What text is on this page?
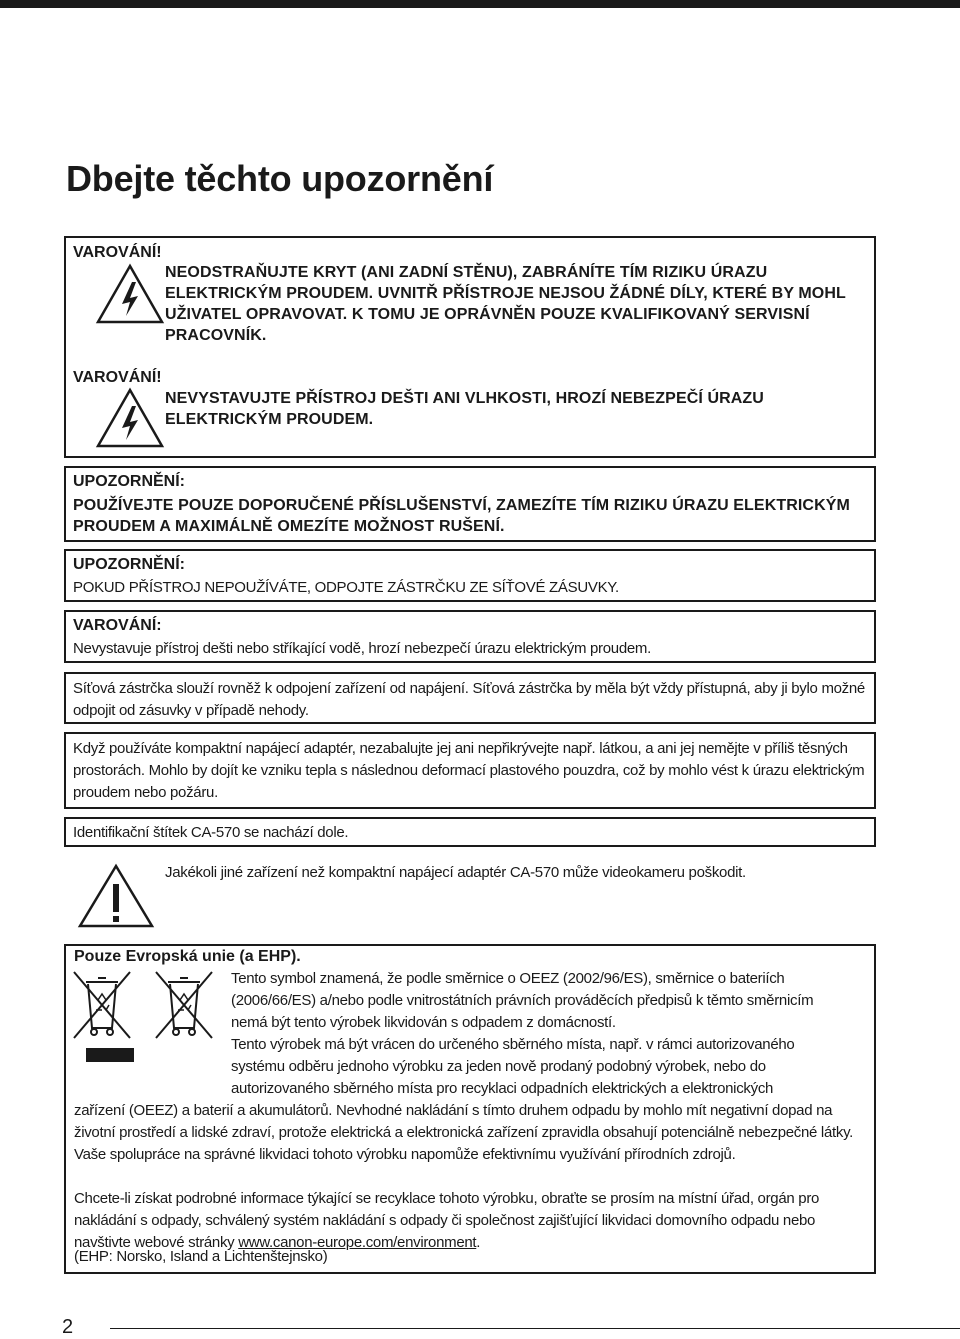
Dbejte těchto upozornění
VAROVÁNÍ!
NEODSTRAŇUJTE KRYT (ANI ZADNÍ STĚNU), ZABRÁNÍTE TÍM RIZIKU ÚRAZU ELEKTRICKÝM PROUDEM. UVNITŘ PŘÍSTROJE NEJSOU ŽÁDNÉ DÍLY, KTERÉ BY MOHL UŽIVATEL OPRAVOVAT. K TOMU JE OPRÁVNĚN POUZE KVALIFIKOVANÝ SERVISNÍ PRACOVNÍK.
VAROVÁNÍ!
NEVYSTAVUJTE PŘÍSTROJ DEŠTI ANI VLHKOSTI, HROZÍ NEBEZPEČÍ ÚRAZU ELEKTRICKÝM PROUDEM.
UPOZORNĚNÍ:
POUŽÍVEJTE POUZE DOPORUČENÉ PŘÍSLUŠENSTVÍ, ZAMEZÍTE TÍM RIZIKU ÚRAZU ELEKTRICKÝM PROUDEM A MAXIMÁLNĚ OMEZÍTE MOŽNOST RUŠENÍ.
UPOZORNĚNÍ:
POKUD PŘÍSTROJ NEPOUŽÍVÁTE, ODPOJTE ZÁSTRČKU ZE SÍŤOVÉ ZÁSUVKY.
VAROVÁNÍ:
Nevystavuje přístroj dešti nebo stříkající vodě, hrozí nebezpečí úrazu elektrickým proudem.
Síťová zástrčka slouží rovněž k odpojení zařízení od napájení. Síťová zástrčka by měla být vždy přístupná, aby ji bylo možné odpojit od zásuvky v případě nehody.
Když používáte kompaktní napájecí adaptér, nezabalujte jej ani nepřikrývejte např. látkou, a ani jej nemějte v příliš těsných prostorách. Mohlo by dojít ke vzniku tepla s následnou deformací plastového pouzdra, což by mohlo vést k úrazu elektrickým proudem nebo požáru.
Identifikační štítek CA-570 se nachází dole.
Jakékoli jiné zařízení než kompaktní napájecí adaptér CA-570 může videokameru poškodit.
Pouze Evropská unie (a EHP).
Tento symbol znamená, že podle směrnice o OEEZ (2002/96/ES), směrnice o bateriích
(2006/66/ES) a/nebo podle vnitrostátních právních prováděcích předpisů k těmto směrnicím
nemá být tento výrobek likvidován s odpadem z domácností.
Tento výrobek má být vrácen do určeného sběrného místa, např. v rámci autorizovaného
systému odběru jednoho výrobku za jeden nově prodaný podobný výrobek, nebo do
autorizovaného sběrného místa pro recyklaci odpadních elektrických a elektronických
zařízení (OEEZ) a baterií a akumulátorů. Nevhodné nakládání s tímto druhem odpadu by mohlo mít negativní dopad na životní prostředí a lidské zdraví, protože elektrická a elektronická zařízení zpravidla obsahují potenciálně nebezpečné látky. Vaše spolupráce na správné likvidaci tohoto výrobku napomůže efektivnímu využívání přírodních zdrojů.
Chcete-li získat podrobné informace týkající se recyklace tohoto výrobku, obraťte se prosím na místní úřad, orgán pro nakládání s odpady, schválený systém nakládání s odpady či společnost zajišťující likvidaci domovního odpadu nebo navštivte webové stránky www.canon-europe.com/environment.
(EHP: Norsko, Island a Lichtenštejnsko)
2
